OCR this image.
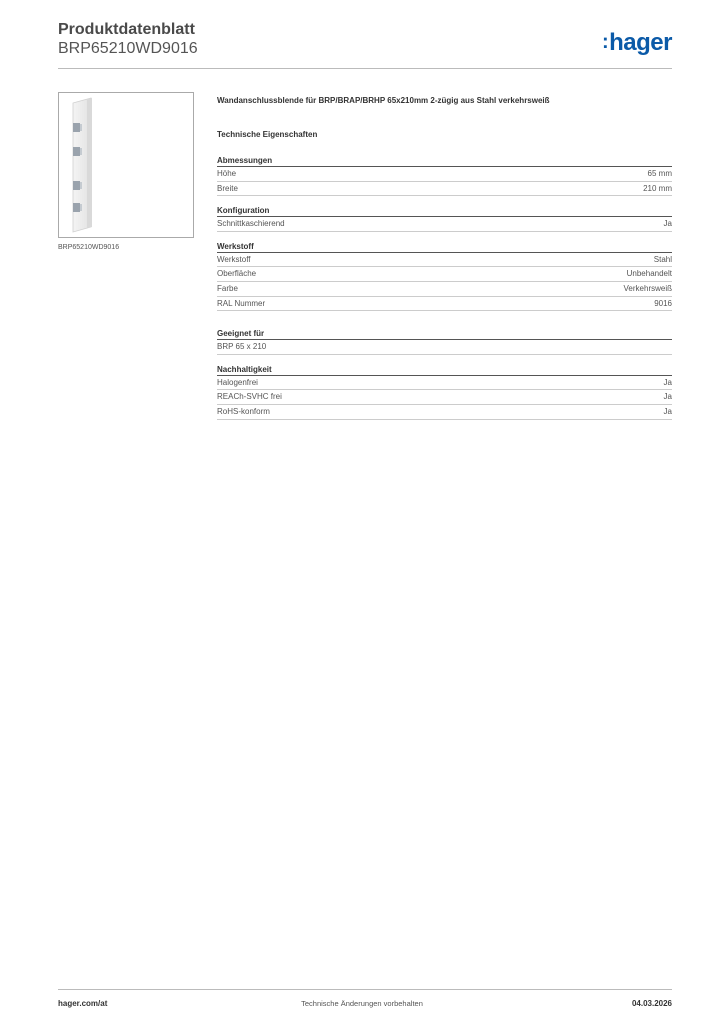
Produktdatenblatt
BRP65210WD9016	:hager
BRP65210WD9016
Wandanschlussblende für BRP/BRAP/BRHP 65x210mm 2-zügig aus Stahl verkehrsweiß
Technische Eigenschaften
Abmessungen
Höhe	65 mm
Breite	210 mm
Konfiguration
Schnittkaschierend	Ja
Werkstoff
Werkstoff	Stahl
Oberfläche	Unbehandelt
Farbe	Verkehrsweiß
RAL Nummer	9016
Geeignet für
BRP 65 x 210
Nachhaltigkeit
Halogenfrei	Ja
REACh-SVHC frei	Ja
RoHS-konform	Ja
hager.com/at	Technische Änderungen vorbehalten	04.03.2026
